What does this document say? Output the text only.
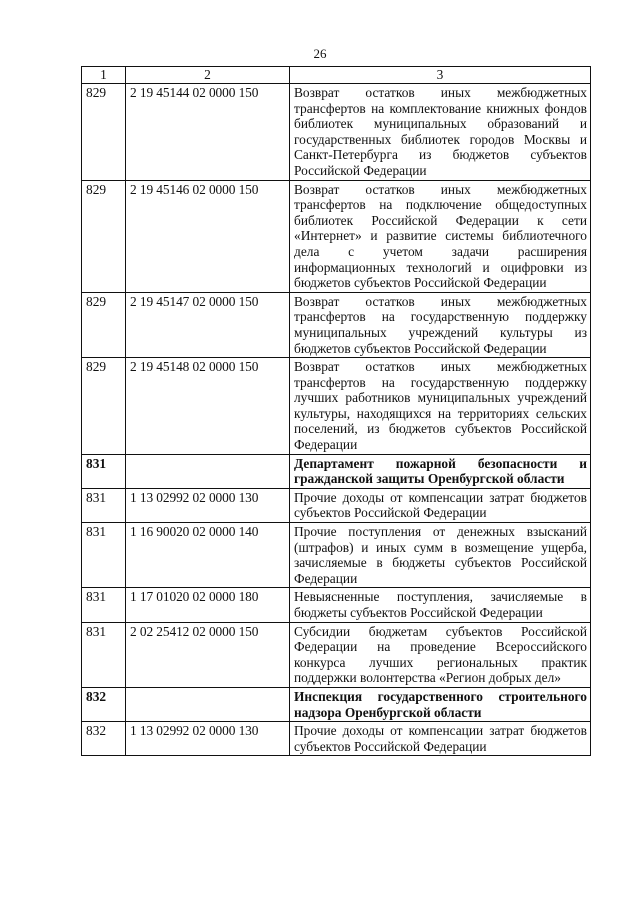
26
1	2	3
829	2 19 45144 02 0000 150	Возврат остатков иных межбюджетных трансфертов на комплектование книжных фондов библиотек муниципальных образований и государственных библиотек городов Москвы и Санкт-Петербурга из бюджетов субъектов Российской Федерации
829	2 19 45146 02 0000 150	Возврат остатков иных межбюджетных трансфертов на подключение общедоступных библиотек Российской Федерации к сети «Интернет» и развитие системы библиотечного дела с учетом задачи расширения информационных технологий и оцифровки из бюджетов субъектов Российской Федерации
829	2 19 45147 02 0000 150	Возврат остатков иных межбюджетных трансфертов на государственную поддержку муниципальных учреждений культуры из бюджетов субъектов Российской Федерации
829	2 19 45148 02 0000 150	Возврат остатков иных межбюджетных трансфертов на государственную поддержку лучших работников муниципальных учреждений культуры, находящихся на территориях сельских поселений, из бюджетов субъектов Российской Федерации
831		Департамент пожарной безопасности и гражданской защиты Оренбургской области
831	1 13 02992 02 0000 130	Прочие доходы от компенсации затрат бюджетов субъектов Российской Федерации
831	1 16 90020 02 0000 140	Прочие поступления от денежных взысканий (штрафов) и иных сумм в возмещение ущерба, зачисляемые в бюджеты субъектов Российской Федерации
831	1 17 01020 02 0000 180	Невыясненные поступления, зачисляемые в бюджеты субъектов Российской Федерации
831	2 02 25412 02 0000 150	Субсидии бюджетам субъектов Российской Федерации на проведение Всероссийского конкурса лучших региональных практик поддержки волонтерства «Регион добрых дел»
832		Инспекция государственного строительного надзора Оренбургской области
832	1 13 02992 02 0000 130	Прочие доходы от компенсации затрат бюджетов субъектов Российской Федерации
